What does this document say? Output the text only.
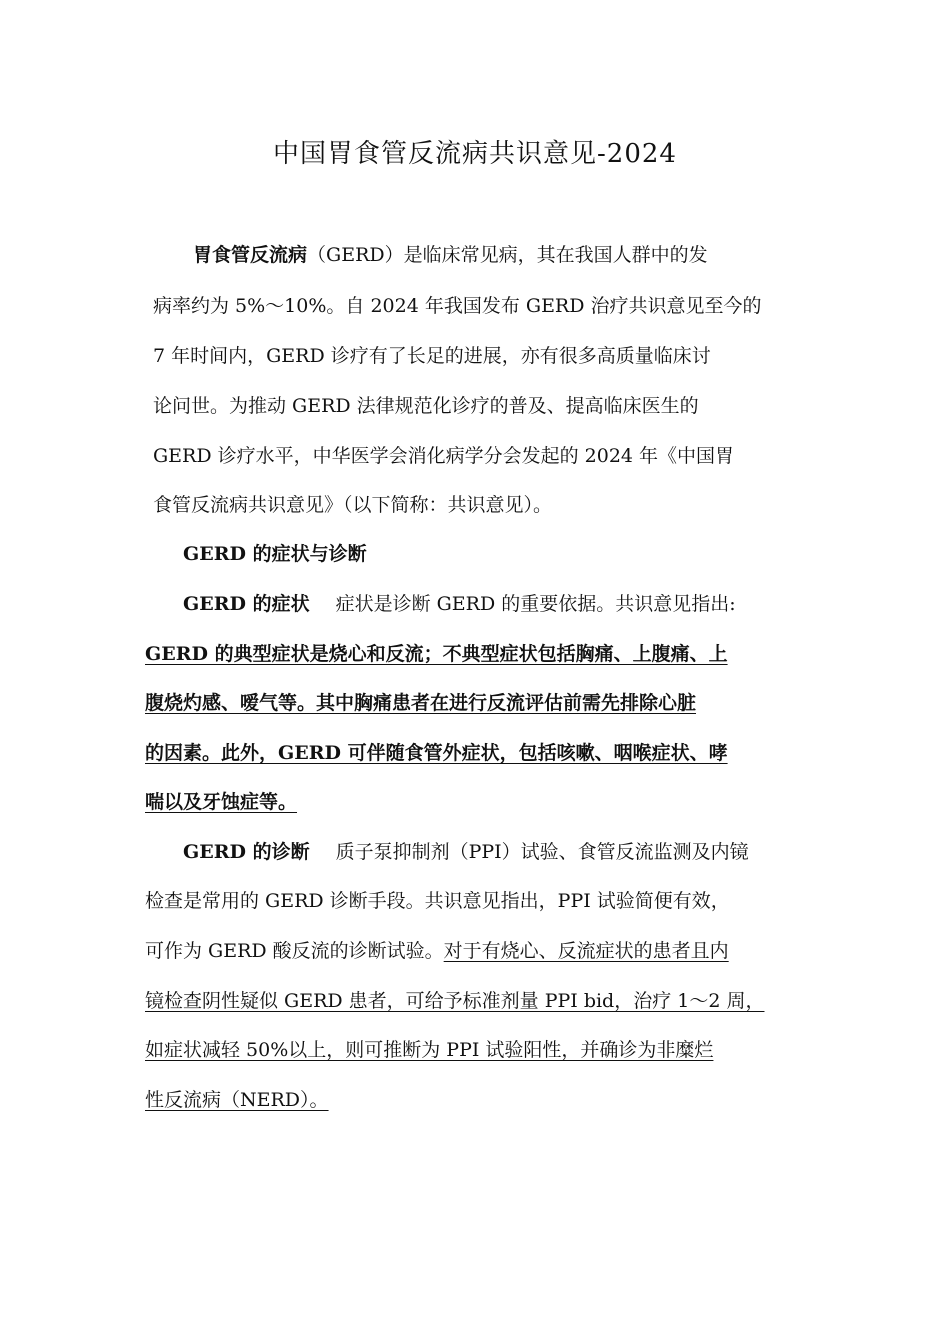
中国胃食管反流病共识意见-2024
胃食管反流病（GERD）是临床常见病，其在我国人群中的发
病率约为 5%～10%。自 2024 年我国发布 GERD 治疗共识意见至今的
7 年时间内，GERD 诊疗有了长足的进展，亦有很多高质量临床讨
论问世。为推动 GERD 法律规范化诊疗的普及、提高临床医生的
GERD 诊疗水平，中华医学会消化病学分会发起的 2024 年《中国胃
食管反流病共识意见》（以下简称：共识意见）。
GERD 的症状与诊断
GERD 的症状 症状是诊断 GERD 的重要依据。共识意见指出:
GERD 的典型症状是烧心和反流；不典型症状包括胸痛、上腹痛、上
腹烧灼感、嗳气等。其中胸痛患者在进行反流评估前需先排除心脏
的因素。此外，GERD 可伴随食管外症状，包括咳嗽、咽喉症状、哮
喘以及牙蚀症等。
GERD 的诊断 质子泵抑制剂（PPI）试验、食管反流监测及内镜
检查是常用的 GERD 诊断手段。共识意见指出，PPI 试验简便有效，
可作为 GERD 酸反流的诊断试验。对于有烧心、反流症状的患者且内
镜检查阴性疑似 GERD 患者，可给予标准剂量 PPI bid，治疗 1～2 周，
如症状减轻 50%以上，则可推断为 PPI 试验阳性，并确诊为非糜烂
性反流病（NERD）。
